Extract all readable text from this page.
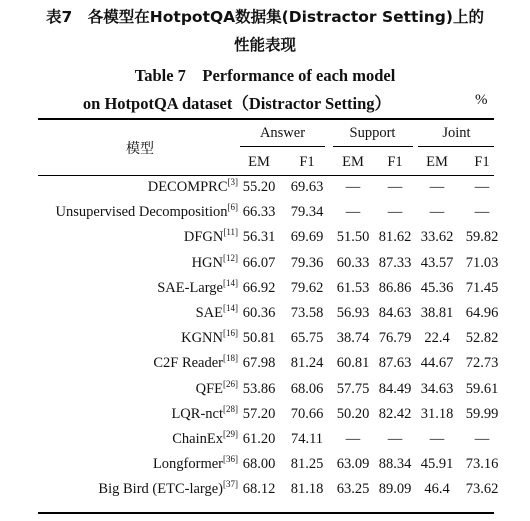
表7　各模型在HotpotQA数据集(Distractor Setting)上的
性能表现
Table 7　Performance of each model
on HotpotQA dataset（Distractor Setting）	%
模型
Answer	Support	Joint
EM	F1	EM	F1	EM	F1
DECOMPRC[3] 55.20	69.63	—	—	—	—
Unsupervised Decomposition[6] 66.33	79.34	—	—	—	—
DFGN[11] 56.31	69.69 51.50 81.62 33.62 59.82
HGN[12] 66.07	79.36 60.33 87.33 43.57 71.03
SAE-Large[14] 66.92	79.62 61.53 86.86 45.36 71.45
SAE[14] 60.36	73.58 56.93 84.63 38.81 64.96
KGNN[16] 50.81	65.75 38.74 76.79 22.4	52.82
C2F Reader[18] 67.98	81.24 60.81 87.63 44.67 72.73
QFE[26] 53.86	68.06 57.75 84.49 34.63 59.61
LQR-nct[28] 57.20	70.66 50.20 82.42 31.18 59.99
ChainEx[29] 61.20	74.11	—	—	—	—
Longformer[36] 68.00	81.25 63.09 88.34 45.91 73.16
Big Bird (ETC-large)[37] 68.12	81.18 63.25 89.09 46.4	73.62
